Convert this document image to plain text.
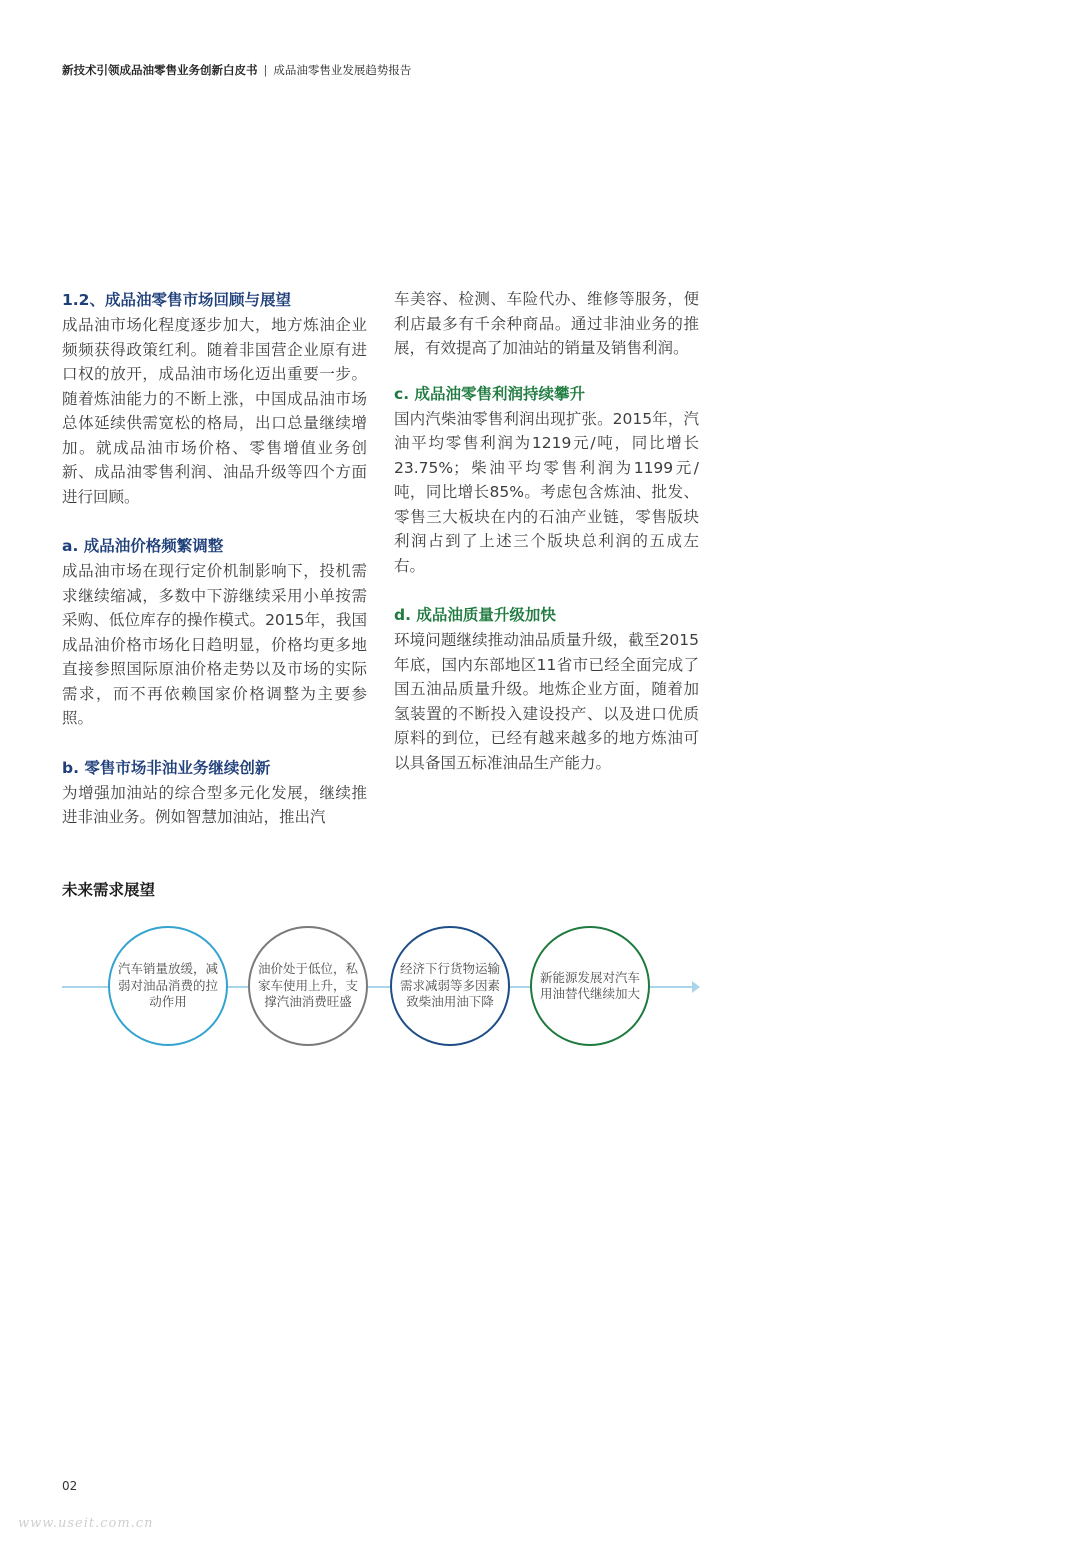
新技术引领成品油零售业务创新白皮书 | 成品油零售业发展趋势报告

1.2、成品油零售市场回顾与展望

成品油市场化程度逐步加大，地方炼油企业频频获得政策红利。随着非国营企业原有进口权的放开，成品油市场化迈出重要一步。随着炼油能力的不断上涨，中国成品油市场总体延续供需宽松的格局，出口总量继续增加。就成品油市场价格、零售增值业务创新、成品油零售利润、油品升级等四个方面进行回顾。

a. 成品油价格频繁调整

成品油市场在现行定价机制影响下，投机需求继续缩减，多数中下游继续采用小单按需采购、低位库存的操作模式。2015年，我国成品油价格市场化日趋明显，价格均更多地直接参照国际原油价格走势以及市场的实际需求，而不再依赖国家价格调整为主要参照。

b. 零售市场非油业务继续创新

为增强加油站的综合型多元化发展，继续推进非油业务。例如智慧加油站，推出汽

车美容、检测、车险代办、维修等服务，便利店最多有千余种商品。通过非油业务的推展，有效提高了加油站的销量及销售利润。

c. 成品油零售利润持续攀升

国内汽柴油零售利润出现扩张。2015年，汽油平均零售利润为1219元/吨，同比增长23.75%；柴油平均零售利润为1199元/吨，同比增长85%。考虑包含炼油、批发、零售三大板块在内的石油产业链，零售版块利润占到了上述三个版块总利润的五成左右。

d. 成品油质量升级加快

环境问题继续推动油品质量升级，截至2015年底，国内东部地区11省市已经全面完成了国五油品质量升级。地炼企业方面，随着加氢装置的不断投入建设投产、以及进口优质原料的到位，已经有越来越多的地方炼油可以具备国五标准油品生产能力。

未来需求展望
汽车销量放缓，减弱对油品消费的拉动作用
油价处于低位，私家车使用上升，支撑汽油消费旺盛
经济下行货物运输需求减弱等多因素致柴油用油下降
新能源发展对汽车用油替代继续加大
02
www.useit.com.cn
